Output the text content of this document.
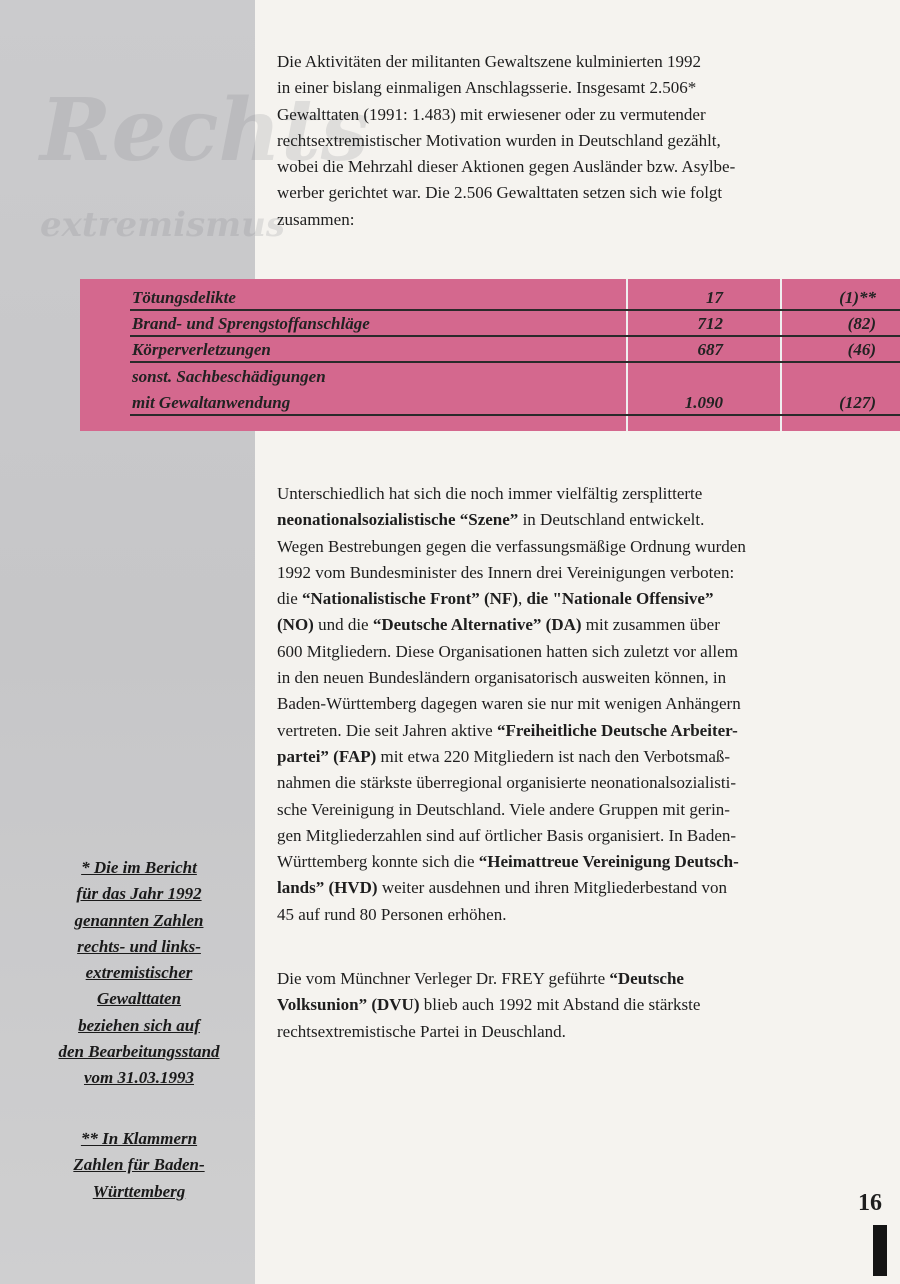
Rechts
extremismus

Die Aktivitäten der militanten Gewaltszene kulminierten 1992
in einer bislang einmaligen Anschlagsserie. Insgesamt 2.506*
Gewalttaten (1991: 1.483) mit erwiesener oder zu vermutender
rechtsextremistischer Motivation wurden in Deutschland gezählt,
wobei die Mehrzahl dieser Aktionen gegen Ausländer bzw. Asylbe-
werber gerichtet war. Die 2.506 Gewalttaten setzen sich wie folgt
zusammen:

Tötungsdelikte	17	(1)**
Brand- und Sprengstoffanschläge	712	(82)
Körperverletzungen	687	(46)
sonst. Sachbeschädigungen
mit Gewaltanwendung	1.090	(127)

Unterschiedlich hat sich die noch immer vielfältig zersplitterte
neonationalsozialistische “Szene” in Deutschland entwickelt.
Wegen Bestrebungen gegen die verfassungsmäßige Ordnung wurden
1992 vom Bundesminister des Innern drei Vereinigungen verboten:
die “Nationalistische Front” (NF), die "Nationale Offensive”
(NO) und die “Deutsche Alternative” (DA) mit zusammen über
600 Mitgliedern. Diese Organisationen hatten sich zuletzt vor allem
in den neuen Bundesländern organisatorisch ausweiten können, in
Baden-Württemberg dagegen waren sie nur mit wenigen Anhängern
vertreten. Die seit Jahren aktive “Freiheitliche Deutsche Arbeiter-
partei” (FAP) mit etwa 220 Mitgliedern ist nach den Verbotsmaß-
nahmen die stärkste überregional organisierte neonationalsozialisti-
sche Vereinigung in Deutschland. Viele andere Gruppen mit gerin-
gen Mitgliederzahlen sind auf örtlicher Basis organisiert. In Baden-
Württemberg konnte sich die “Heimattreue Vereinigung Deutsch-
lands” (HVD) weiter ausdehnen und ihren Mitgliederbestand von
45 auf rund 80 Personen erhöhen.

Die vom Münchner Verleger Dr. FREY geführte “Deutsche
Volksunion” (DVU) blieb auch 1992 mit Abstand die stärkste
rechtsextremistische Partei in Deuschland.

* Die im Bericht
für das Jahr 1992
genannten Zahlen
rechts- und links-
extremistischer
Gewalttaten
beziehen sich auf
den Bearbeitungsstand
vom 31.03.1993

** In Klammern
Zahlen für Baden-
Württemberg	16
